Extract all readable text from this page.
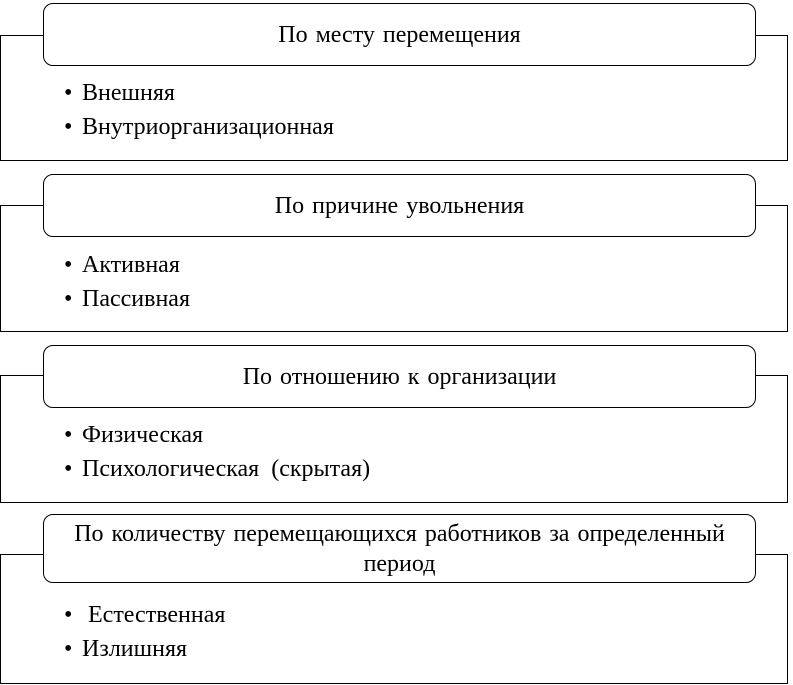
По месту перемещения
• Внешняя
• Внутриорганизационная
По причине увольнения
• Активная
• Пассивная
По отношению к организации
• Физическая
• Психологическая  (скрытая)
По количеству перемещающихся работников за определенный период
• Естественная
• Излишняя
